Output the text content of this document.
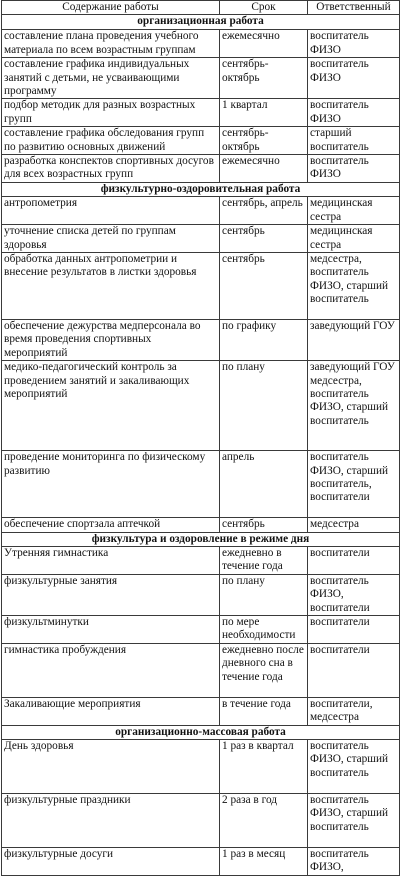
Содержание работы	Срок	Ответственный
организационная работа		
составление плана проведения учебного материала по всем возрастным группам	ежемесячно	воспитатель ФИЗО
составление графика индивидуальных занятий с детьми, не усваивающими программу	сентябрь-октябрь	воспитатель ФИЗО
подбор методик для разных возрастных групп	1 квартал	воспитатель ФИЗО
составление графика обследования групп по развитию основных движений	сентябрь-октябрь	старший воспитатель
разработка конспектов спортивных досугов для всех возрастных групп	ежемесячно	воспитатель ФИЗО
физкультурно-оздоровительная работа		
антропометрия	сентябрь, апрель	медицинская сестра
уточнение списка детей по группам здоровья	сентябрь	медицинская сестра
обработка данных антропометрии и внесение результатов в листки здоровья	сентябрь	медсестра, воспитатель ФИЗО, старший воспитатель
обеспечение дежурства медперсонала во время проведения спортивных мероприятий	по графику	заведующий ГОУ
медико-педагогический контроль за проведением занятий и закаливающих мероприятий	по плану	заведующий ГОУ медсестра, воспитатель ФИЗО, старший воспитатель
проведение мониторинга по физическому развитию	апрель	воспитатель ФИЗО, старший воспитатель, воспитатели
обеспечение спортзала аптечкой	сентябрь	медсестра
физкультура и оздоровление в режиме дня		
Утренняя гимнастика	ежедневно в течение года	воспитатели
физкультурные занятия	по плану	воспитатель ФИЗО, воспитатели
физкультминутки	по мере необходимости	воспитатели
гимнастика пробуждения	ежедневно после дневного сна в течение года	воспитатели
Закаливающие мероприятия	в течение года	воспитатели, медсестра
организационно-массовая работа		
День здоровья	1 раз в квартал	воспитатель ФИЗО, старший воспитатель
физкультурные праздники	2 раза в год	воспитатель ФИЗО, старший воспитатель
физкультурные досуги	1 раз в месяц	воспитатель ФИЗО,
